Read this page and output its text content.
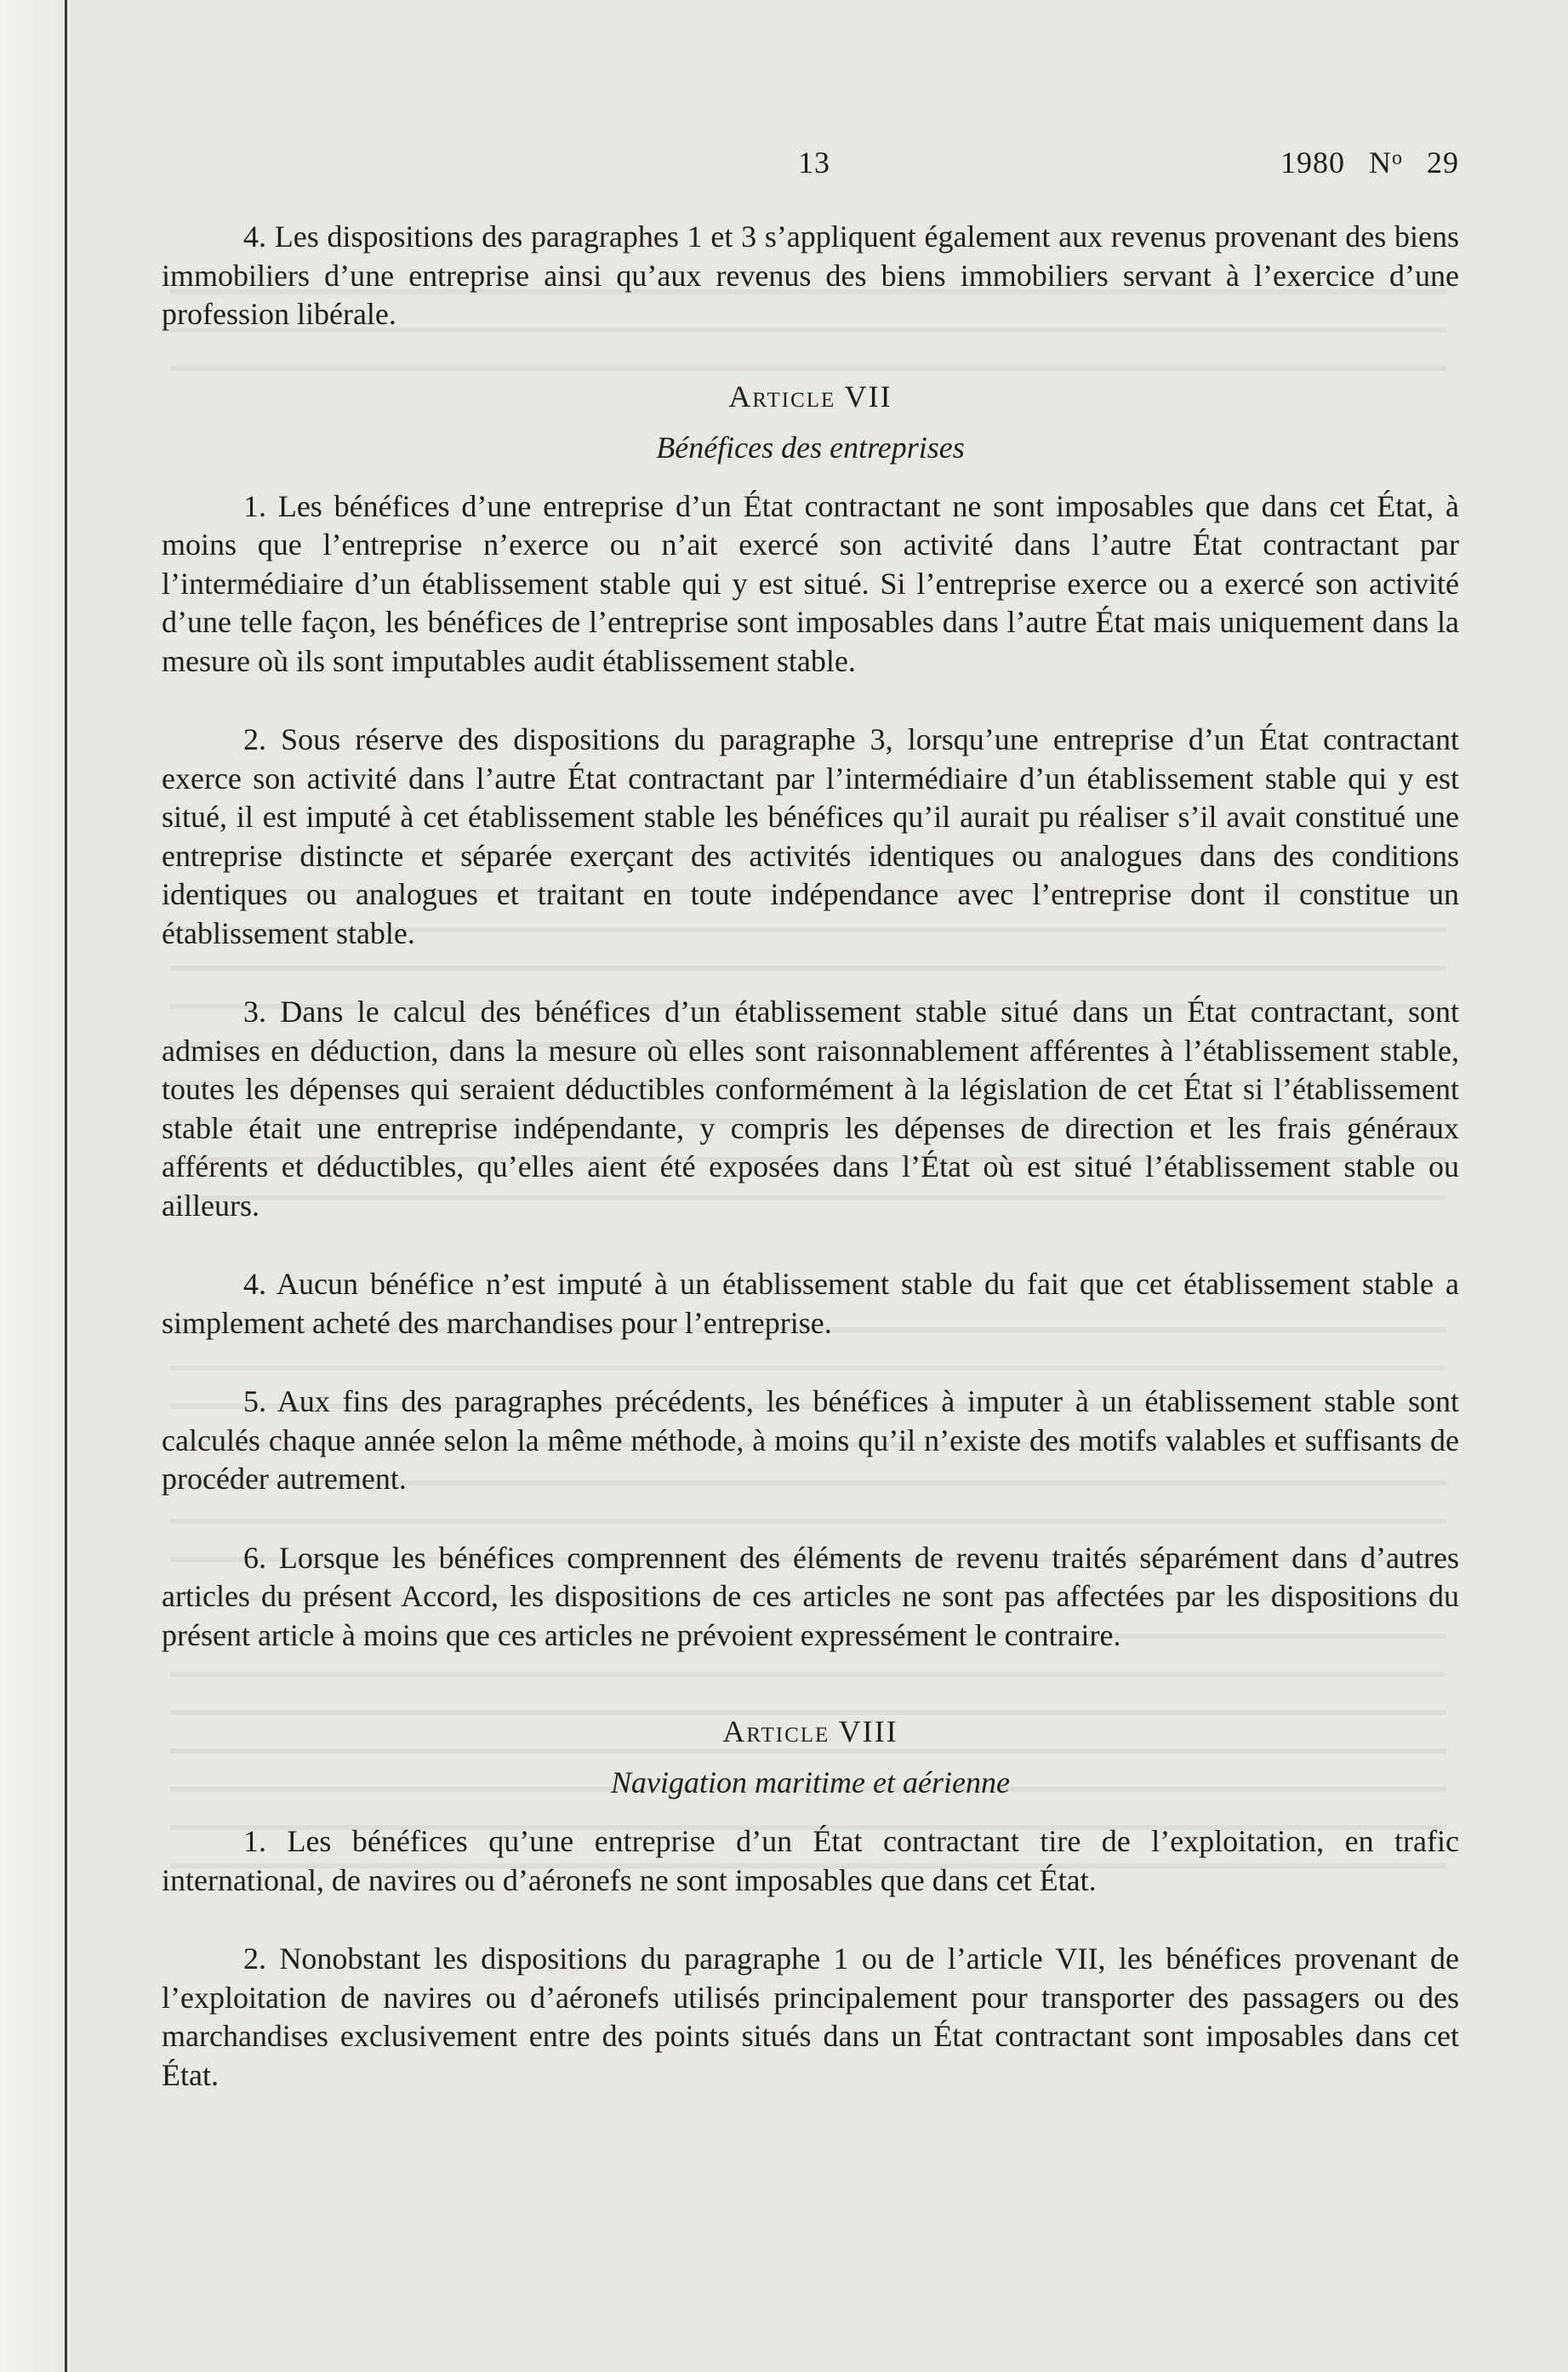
13	1980 $N^o$ 29

4. Les dispositions des paragraphes 1 et 3 s’appliquent également aux revenus provenant des biens immobiliers d’une entreprise ainsi qu’aux revenus des biens immobiliers servant à l’exercice d’une profession libérale.

Article VII
Bénéfices des entreprises

1. Les bénéfices d’une entreprise d’un État contractant ne sont imposables que dans cet État, à moins que l’entreprise n’exerce ou n’ait exercé son activité dans l’autre État contractant par l’intermédiaire d’un établissement stable qui y est situé. Si l’entreprise exerce ou a exercé son activité d’une telle façon, les bénéfices de l’entreprise sont imposables dans l’autre État mais uniquement dans la mesure où ils sont imputables audit établissement stable.

2. Sous réserve des dispositions du paragraphe 3, lorsqu’une entreprise d’un État contractant exerce son activité dans l’autre État contractant par l’intermédiaire d’un établissement stable qui y est situé, il est imputé à cet établissement stable les bénéfices qu’il aurait pu réaliser s’il avait constitué une entreprise distincte et séparée exerçant des activités identiques ou analogues dans des conditions identiques ou analogues et traitant en toute indépendance avec l’entreprise dont il constitue un établissement stable.

3. Dans le calcul des bénéfices d’un établissement stable situé dans un État contractant, sont admises en déduction, dans la mesure où elles sont raisonnablement afférentes à l’établissement stable, toutes les dépenses qui seraient déductibles conformément à la législation de cet État si l’établissement stable était une entreprise indépendante, y compris les dépenses de direction et les frais généraux afférents et déductibles, qu’elles aient été exposées dans l’État où est situé l’établissement stable ou ailleurs.

4. Aucun bénéfice n’est imputé à un établissement stable du fait que cet établissement stable a simplement acheté des marchandises pour l’entreprise.

5. Aux fins des paragraphes précédents, les bénéfices à imputer à un établissement stable sont calculés chaque année selon la même méthode, à moins qu’il n’existe des motifs valables et suffisants de procéder autrement.

6. Lorsque les bénéfices comprennent des éléments de revenu traités séparément dans d’autres articles du présent Accord, les dispositions de ces articles ne sont pas affectées par les dispositions du présent article à moins que ces articles ne prévoient expressément le contraire.

Article VIII
Navigation maritime et aérienne

1. Les bénéfices qu’une entreprise d’un État contractant tire de l’exploitation, en trafic international, de navires ou d’aéronefs ne sont imposables que dans cet État.

2. Nonobstant les dispositions du paragraphe 1 ou de l’article VII, les bénéfices provenant de l’exploitation de navires ou d’aéronefs utilisés principalement pour transporter des passagers ou des marchandises exclusivement entre des points situés dans un État contractant sont imposables dans cet État.
